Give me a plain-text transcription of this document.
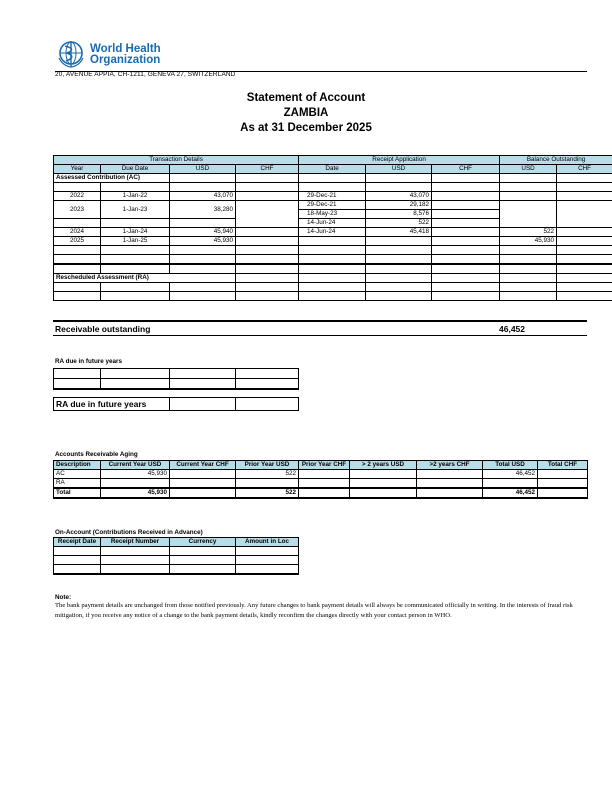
World Health
Organization
20, AVENUE APPIA, CH-1211, GENEVA 27, SWITZERLAND
Statement of Account
ZAMBIA
As at 31 December 2025
Transaction Details				Receipt Application			Balance Outstanding	
Year	Due Date	USD	CHF	Date	USD	CHF	USD	CHF
Assessed Contribution (AC)								

2022	1-Jan-22	43,070		29-Dec-21	43,070			
2023	1-Jan-23	38,280		29-Dec-21	29,182			
				18-May-23	8,576			
				14-Jun-24	522			
2024	1-Jan-24	45,940		14-Jun-24	45,418		522	
2025	1-Jan-25	45,930					45,930	

Rescheduled Assessment (RA)								

Receivable outstanding	46,452
RA due in future years

RA due in future years		
Accounts Receivable Aging
Description	Current Year USD	Current Year CHF	Prior Year USD	Prior Year CHF	> 2 years USD	>2 years CHF	Total USD	Total CHF
AC	45,930		522				46,452	
RA								
Total	45,930		522				46,452	
On-Account (Contributions Received in Advance)
Receipt Date	Receipt Number	Currency	Amount in Loc

Note:
The bank payment details are unchanged from those notified previously. Any future changes to bank payment details will always be communicated officially in writing. In the interests of fraud risk mitigation, if you receive any notice of a change to the bank payment details, kindly reconfirm the changes directly with your contact person in WHO.
